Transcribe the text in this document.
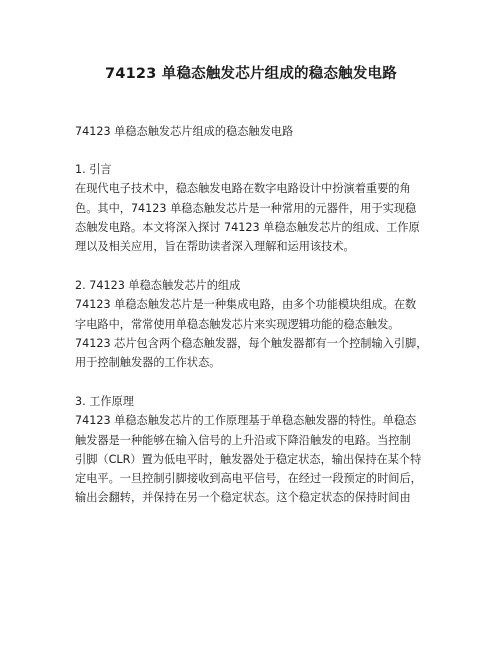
74123 单稳态触发芯片组成的稳态触发电路
74123 单稳态触发芯片组成的稳态触发电路
1. 引言
在现代电子技术中，稳态触发电路在数字电路设计中扮演着重要的角
色。其中，74123 单稳态触发芯片是一种常用的元器件，用于实现稳
态触发电路。本文将深入探讨 74123 单稳态触发芯片的组成、工作原
理以及相关应用，旨在帮助读者深入理解和运用该技术。
2. 74123 单稳态触发芯片的组成
74123 单稳态触发芯片是一种集成电路，由多个功能模块组成。在数
字电路中，常常使用单稳态触发芯片来实现逻辑功能的稳态触发。
74123 芯片包含两个稳态触发器，每个触发器都有一个控制输入引脚，
用于控制触发器的工作状态。
3. 工作原理
74123 单稳态触发芯片的工作原理基于单稳态触发器的特性。单稳态
触发器是一种能够在输入信号的上升沿或下降沿触发的电路。当控制
引脚（CLR）置为低电平时，触发器处于稳定状态，输出保持在某个特
定电平。一旦控制引脚接收到高电平信号，在经过一段预定的时间后，
输出会翻转，并保持在另一个稳定状态。这个稳定状态的保持时间由
